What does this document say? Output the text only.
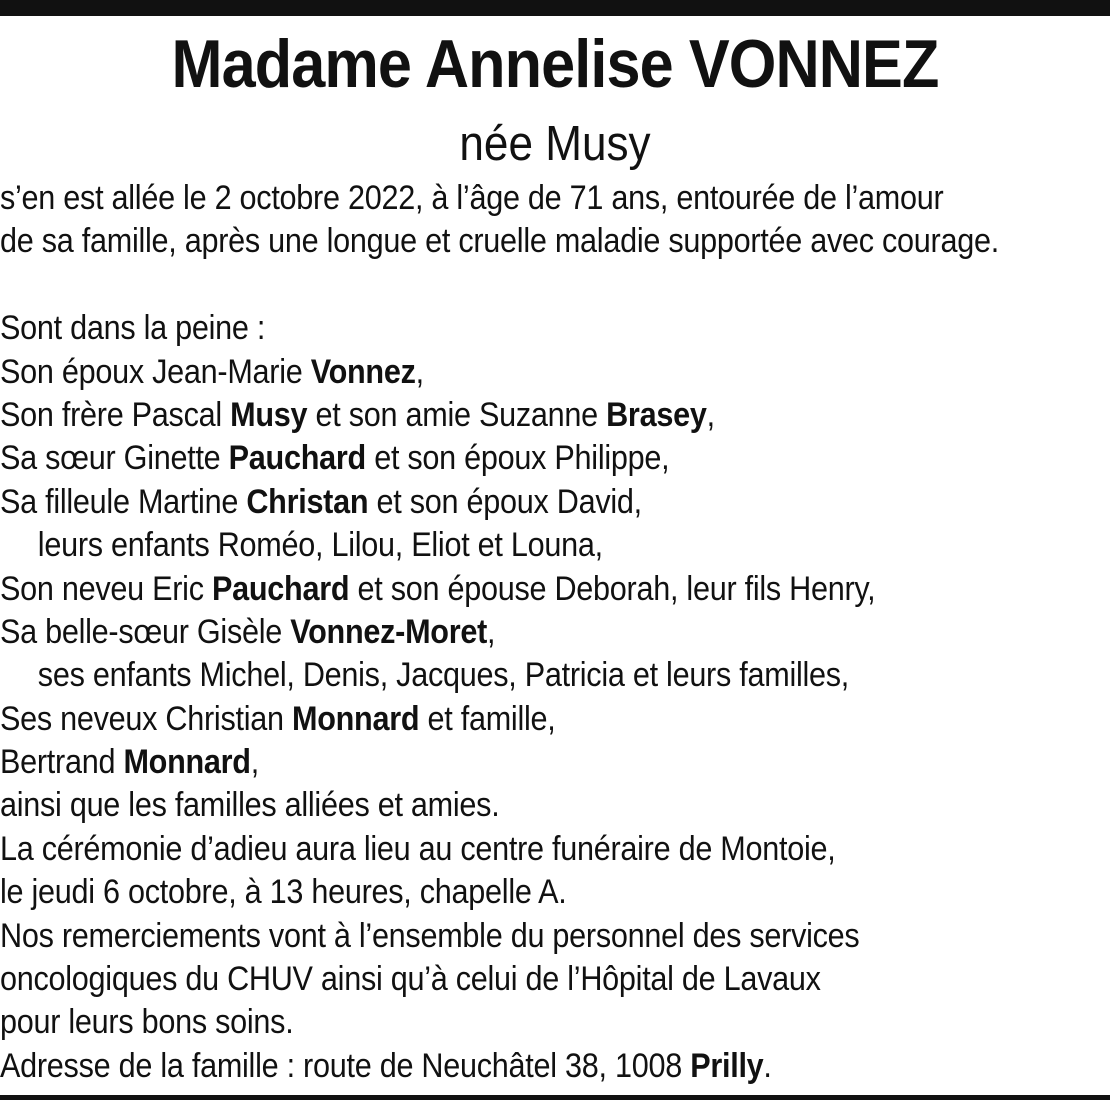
Madame Annelise VONNEZ
née Musy
s’en est allée le 2 octobre 2022, à l’âge de 71 ans, entourée de l’amour
de sa famille, après une longue et cruelle maladie supportée avec courage.
Sont dans la peine :
Son époux Jean-Marie Vonnez,
Son frère Pascal Musy et son amie Suzanne Brasey,
Sa sœur Ginette Pauchard et son époux Philippe,
Sa filleule Martine Christan et son époux David,
leurs enfants Roméo, Lilou, Eliot et Louna,
Son neveu Eric Pauchard et son épouse Deborah, leur fils Henry,
Sa belle-sœur Gisèle Vonnez-Moret,
ses enfants Michel, Denis, Jacques, Patricia et leurs familles,
Ses neveux Christian Monnard et famille,
Bertrand Monnard,
ainsi que les familles alliées et amies.
La cérémonie d’adieu aura lieu au centre funéraire de Montoie,
le jeudi 6 octobre, à 13 heures, chapelle A.
Nos remerciements vont à l’ensemble du personnel des services
oncologiques du CHUV ainsi qu’à celui de l’Hôpital de Lavaux
pour leurs bons soins.
Adresse de la famille : route de Neuchâtel 38, 1008 Prilly.
